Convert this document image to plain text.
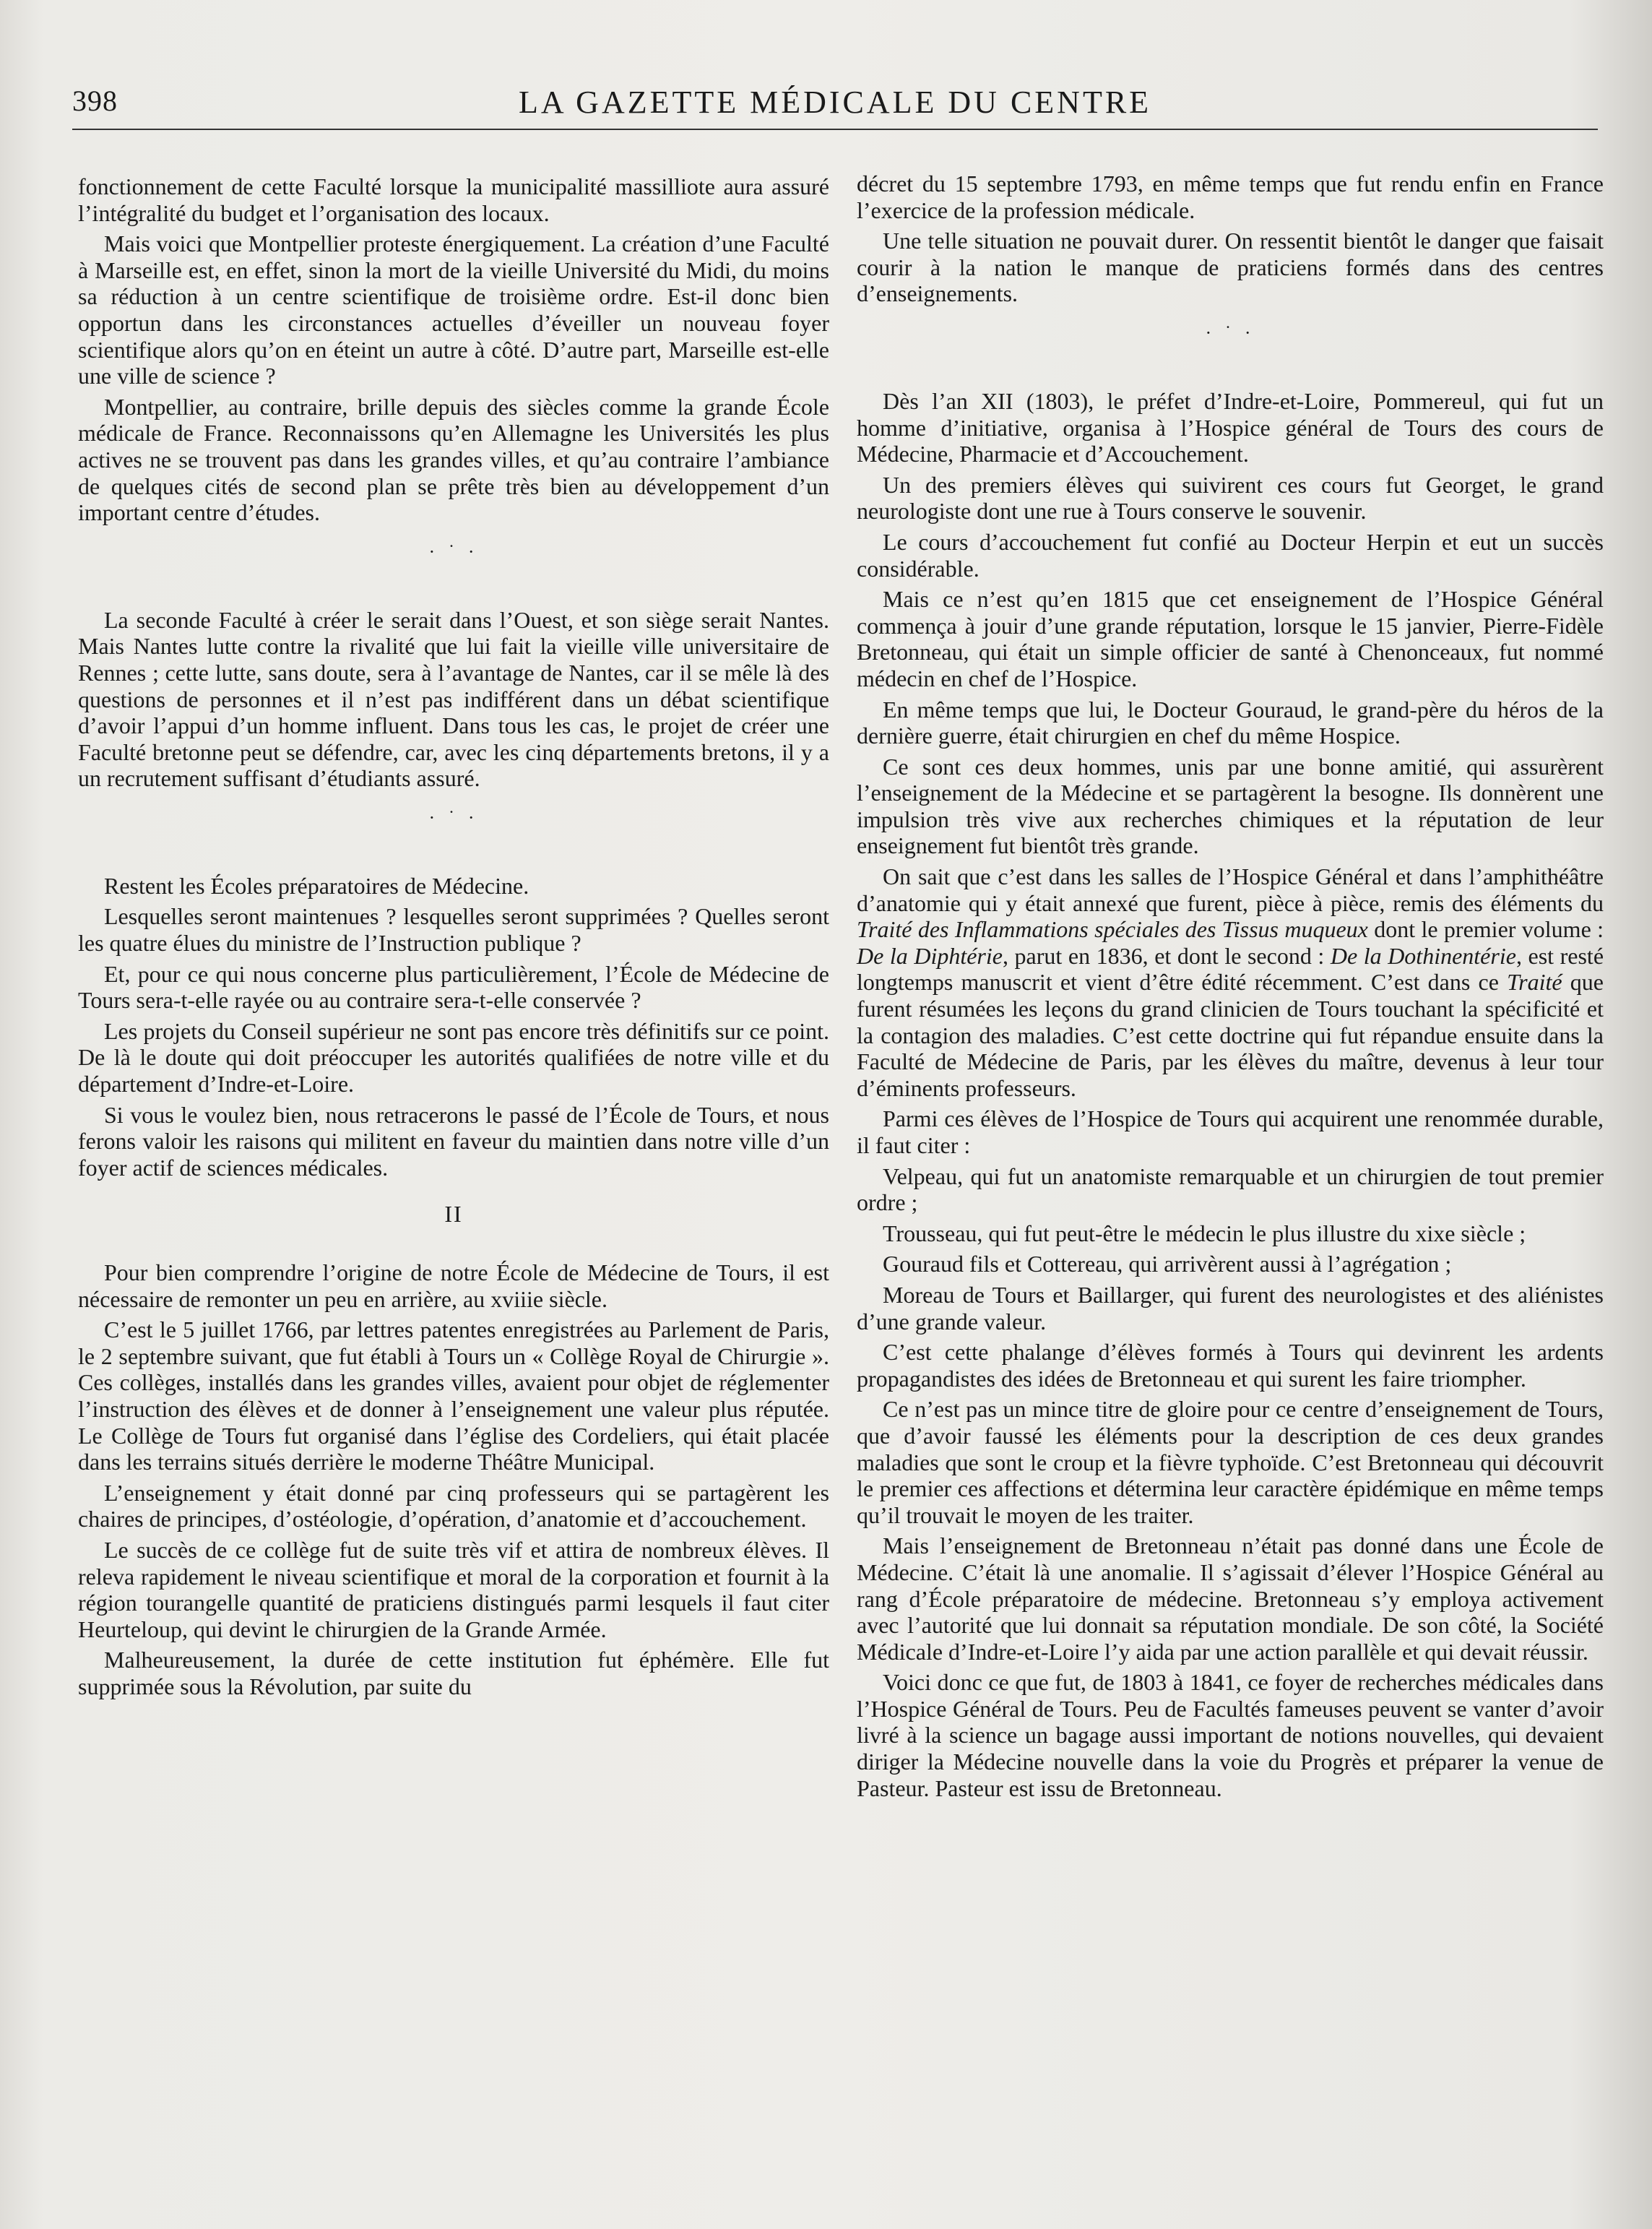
398	LA GAZETTE MÉDICALE DU CENTRE

fonctionnement de cette Faculté lorsque la municipalité massilliote aura assuré l’intégralité du budget et l’organisation des locaux.

Mais voici que Montpellier proteste énergiquement. La création d’une Faculté à Marseille est, en effet, sinon la mort de la vieille Université du Midi, du moins sa réduction à un centre scientifique de troisième ordre. Est-il donc bien opportun dans les circonstances actuelles d’éveiller un nouveau foyer scientifique alors qu’on en éteint un autre à côté. D’autre part, Marseille est-elle une ville de science ?

Montpellier, au contraire, brille depuis des siècles comme la grande École médicale de France. Reconnaissons qu’en Allemagne les Universités les plus actives ne se trouvent pas dans les grandes villes, et qu’au contraire l’ambiance de quelques cités de second plan se prête très bien au développement d’un important centre d’études.

· ˙ ·

La seconde Faculté à créer le serait dans l’Ouest, et son siège serait Nantes. Mais Nantes lutte contre la rivalité que lui fait la vieille ville universitaire de Rennes ; cette lutte, sans doute, sera à l’avantage de Nantes, car il se mêle là des questions de personnes et il n’est pas indifférent dans un débat scientifique d’avoir l’appui d’un homme influent. Dans tous les cas, le projet de créer une Faculté bretonne peut se défendre, car, avec les cinq départements bretons, il y a un recrutement suffisant d’étudiants assuré.

· ˙ ·

Restent les Écoles préparatoires de Médecine.

Lesquelles seront maintenues ? lesquelles seront supprimées ? Quelles seront les quatre élues du ministre de l’Instruction publique ?

Et, pour ce qui nous concerne plus particulièrement, l’École de Médecine de Tours sera-t-elle rayée ou au contraire sera-t-elle conservée ?

Les projets du Conseil supérieur ne sont pas encore très définitifs sur ce point. De là le doute qui doit préoccuper les autorités qualifiées de notre ville et du département d’Indre-et-Loire.

Si vous le voulez bien, nous retracerons le passé de l’École de Tours, et nous ferons valoir les raisons qui militent en faveur du maintien dans notre ville d’un foyer actif de sciences médicales.

II

Pour bien comprendre l’origine de notre École de Médecine de Tours, il est nécessaire de remonter un peu en arrière, au xviiie siècle.

C’est le 5 juillet 1766, par lettres patentes enregistrées au Parlement de Paris, le 2 septembre suivant, que fut établi à Tours un « Collège Royal de Chirurgie ». Ces collèges, installés dans les grandes villes, avaient pour objet de réglementer l’instruction des élèves et de donner à l’enseignement une valeur plus réputée. Le Collège de Tours fut organisé dans l’église des Cordeliers, qui était placée dans les terrains situés derrière le moderne Théâtre Municipal.

L’enseignement y était donné par cinq professeurs qui se partagèrent les chaires de principes, d’ostéologie, d’opération, d’anatomie et d’accouchement.

Le succès de ce collège fut de suite très vif et attira de nombreux élèves. Il releva rapidement le niveau scientifique et moral de la corporation et fournit à la région tourangelle quantité de praticiens distingués parmi lesquels il faut citer Heurteloup, qui devint le chirurgien de la Grande Armée.

Malheureusement, la durée de cette institution fut éphémère. Elle fut supprimée sous la Révolution, par suite du

décret du 15 septembre 1793, en même temps que fut rendu enfin en France l’exercice de la profession médicale.

Une telle situation ne pouvait durer. On ressentit bientôt le danger que faisait courir à la nation le manque de praticiens formés dans des centres d’enseignements.

· ˙ ·

Dès l’an XII (1803), le préfet d’Indre-et-Loire, Pommereul, qui fut un homme d’initiative, organisa à l’Hospice général de Tours des cours de Médecine, Pharmacie et d’Accouchement.

Un des premiers élèves qui suivirent ces cours fut Georget, le grand neurologiste dont une rue à Tours conserve le souvenir.

Le cours d’accouchement fut confié au Docteur Herpin et eut un succès considérable.

Mais ce n’est qu’en 1815 que cet enseignement de l’Hospice Général commença à jouir d’une grande réputation, lorsque le 15 janvier, Pierre-Fidèle Bretonneau, qui était un simple officier de santé à Chenonceaux, fut nommé médecin en chef de l’Hospice.

En même temps que lui, le Docteur Gouraud, le grand-père du héros de la dernière guerre, était chirurgien en chef du même Hospice.

Ce sont ces deux hommes, unis par une bonne amitié, qui assurèrent l’enseignement de la Médecine et se partagèrent la besogne. Ils donnèrent une impulsion très vive aux recherches chimiques et la réputation de leur enseignement fut bientôt très grande.

On sait que c’est dans les salles de l’Hospice Général et dans l’amphithéâtre d’anatomie qui y était annexé que furent, pièce à pièce, remis des éléments du Traité des Inflammations spéciales des Tissus muqueux dont le premier volume : De la Diphtérie, parut en 1836, et dont le second : De la Dothinentérie, est resté longtemps manuscrit et vient d’être édité récemment. C’est dans ce Traité que furent résumées les leçons du grand clinicien de Tours touchant la spécificité et la contagion des maladies. C’est cette doctrine qui fut répandue ensuite dans la Faculté de Médecine de Paris, par les élèves du maître, devenus à leur tour d’éminents professeurs.

Parmi ces élèves de l’Hospice de Tours qui acquirent une renommée durable, il faut citer :

Velpeau, qui fut un anatomiste remarquable et un chirurgien de tout premier ordre ;

Trousseau, qui fut peut-être le médecin le plus illustre du xixe siècle ;

Gouraud fils et Cottereau, qui arrivèrent aussi à l’agrégation ;

Moreau de Tours et Baillarger, qui furent des neurologistes et des aliénistes d’une grande valeur.

C’est cette phalange d’élèves formés à Tours qui devinrent les ardents propagandistes des idées de Bretonneau et qui surent les faire triompher.

Ce n’est pas un mince titre de gloire pour ce centre d’enseignement de Tours, que d’avoir faussé les éléments pour la description de ces deux grandes maladies que sont le croup et la fièvre typhoïde. C’est Bretonneau qui découvrit le premier ces affections et détermina leur caractère épidémique en même temps qu’il trouvait le moyen de les traiter.

Mais l’enseignement de Bretonneau n’était pas donné dans une École de Médecine. C’était là une anomalie. Il s’agissait d’élever l’Hospice Général au rang d’École préparatoire de médecine. Bretonneau s’y employa activement avec l’autorité que lui donnait sa réputation mondiale. De son côté, la Société Médicale d’Indre-et-Loire l’y aida par une action parallèle et qui devait réussir.

Voici donc ce que fut, de 1803 à 1841, ce foyer de recherches médicales dans l’Hospice Général de Tours. Peu de Facultés fameuses peuvent se vanter d’avoir livré à la science un bagage aussi important de notions nouvelles, qui devaient diriger la Médecine nouvelle dans la voie du Progrès et préparer la venue de Pasteur. Pasteur est issu de Bretonneau.
